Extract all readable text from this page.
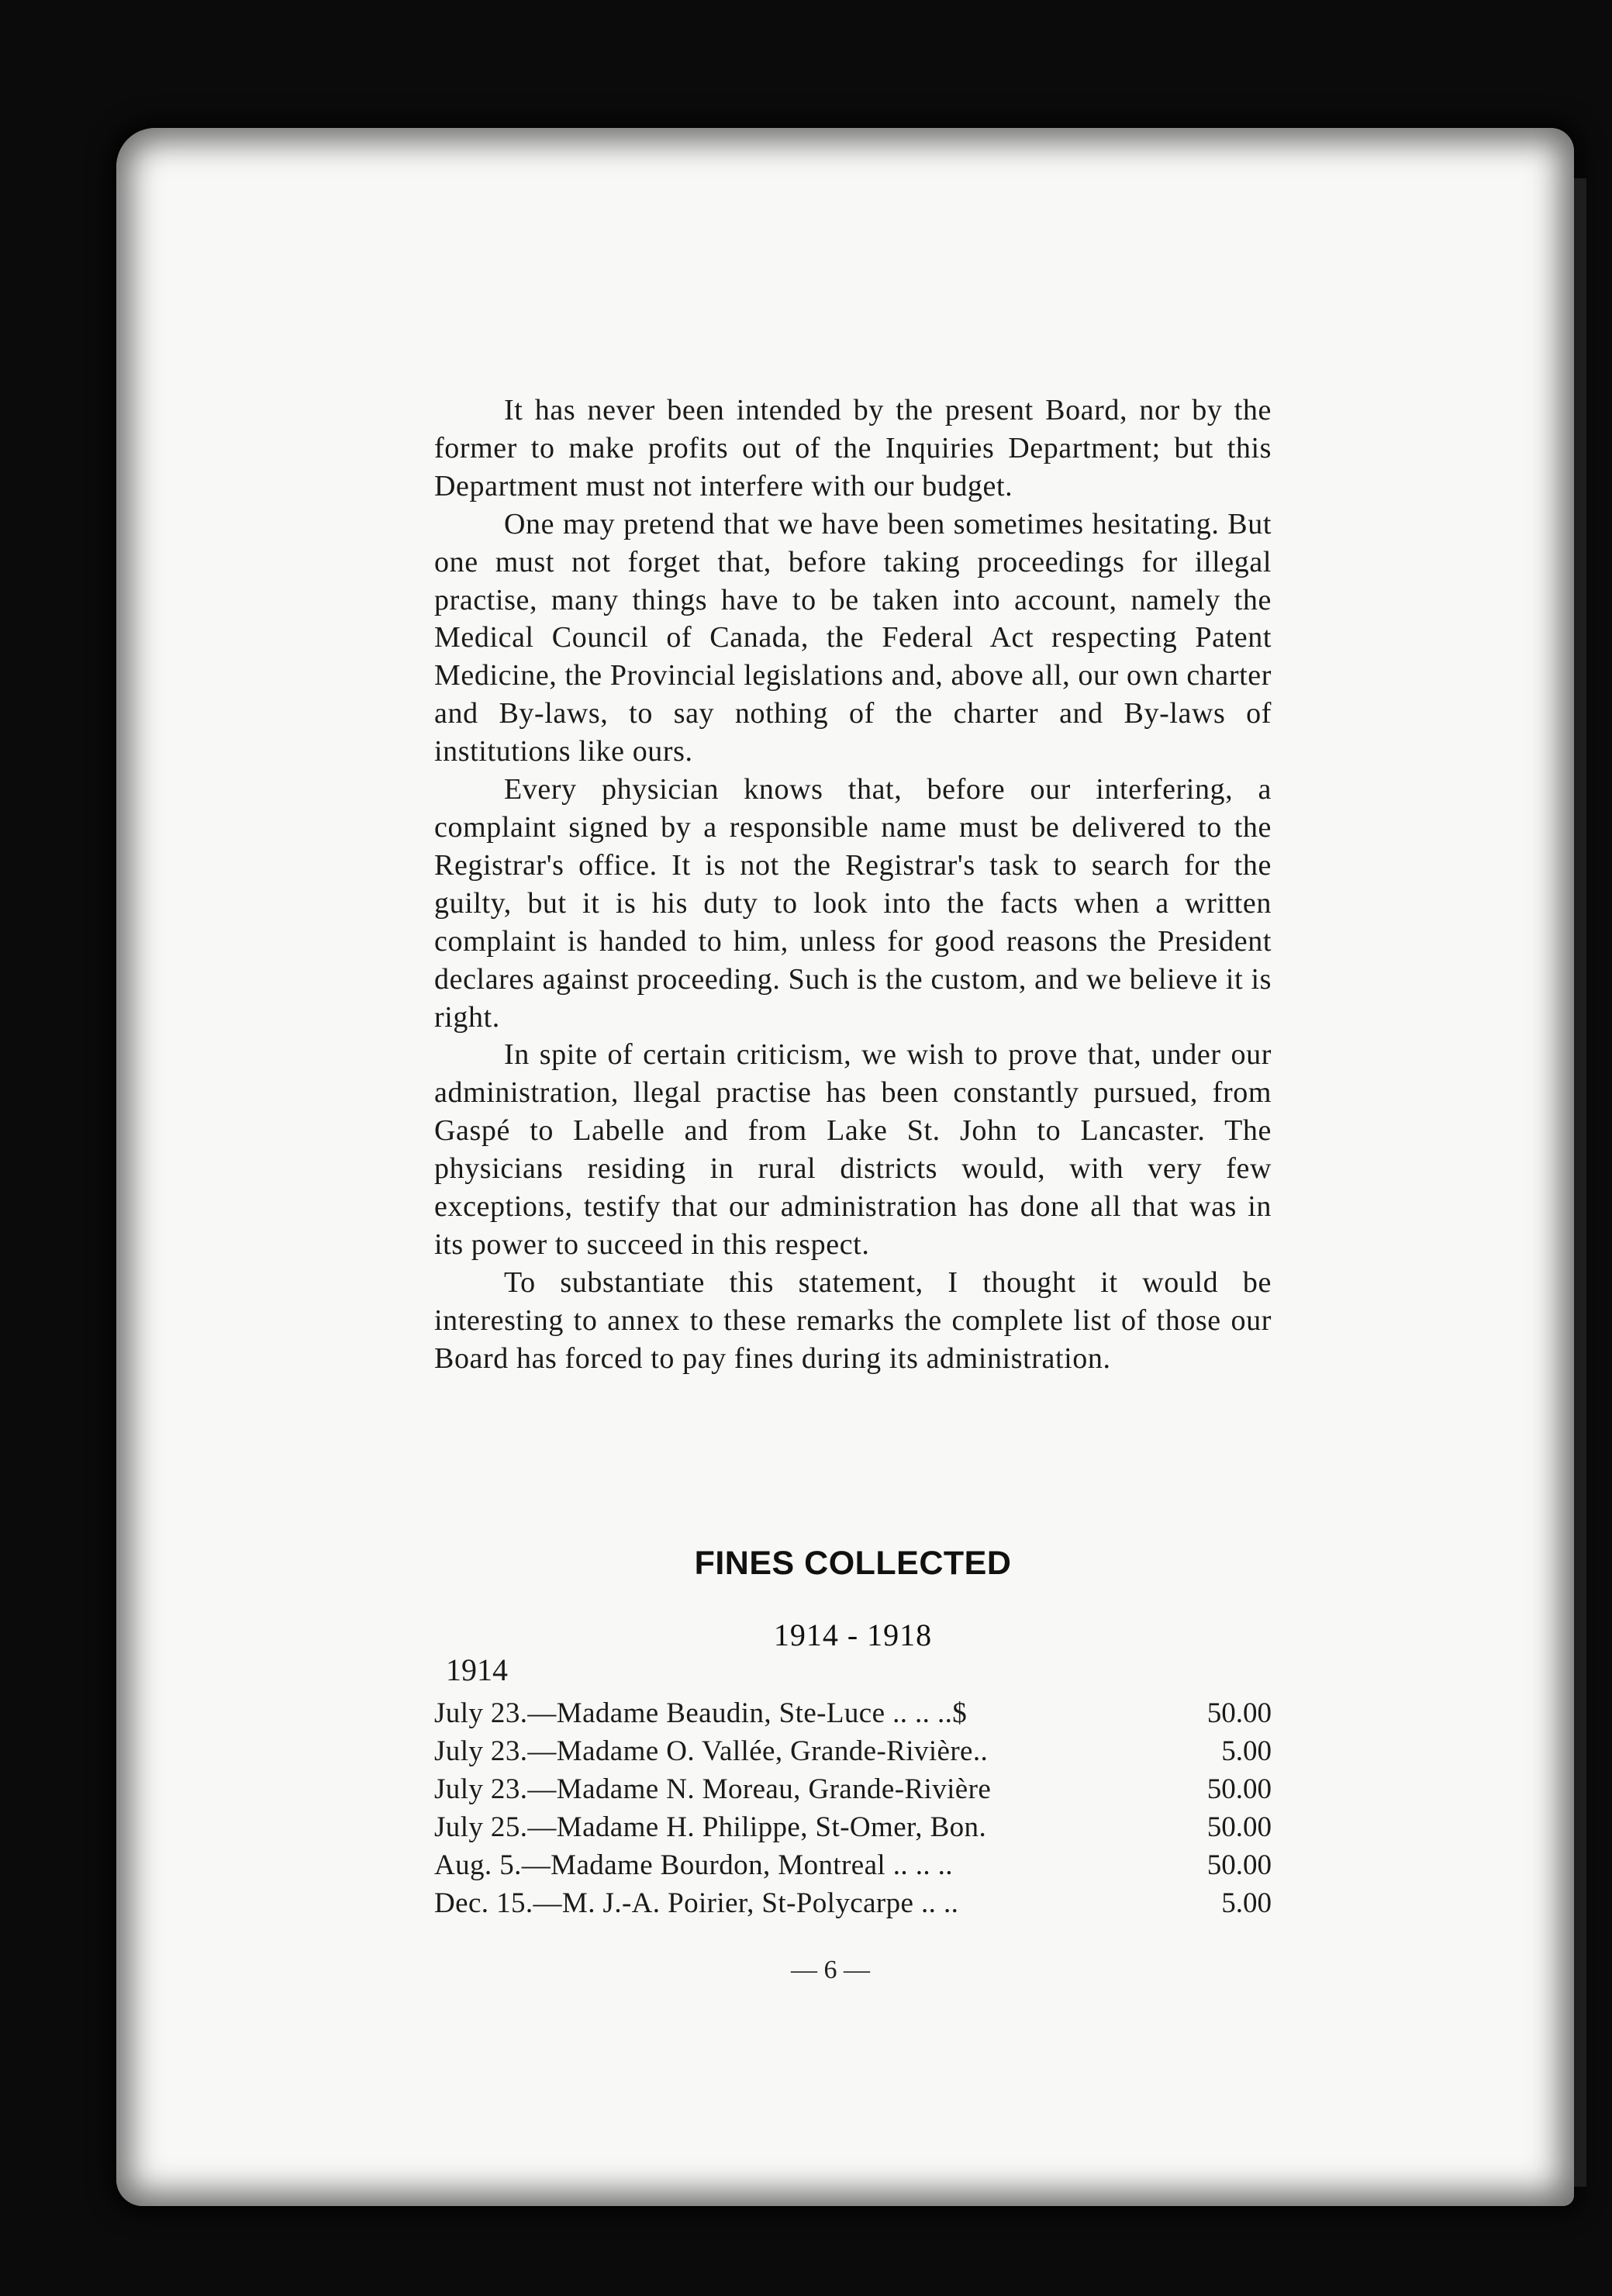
It has never been intended by the present Board, nor by the former to make profits out of the Inquiries Department; but this Department must not interfere with our budget.

One may pretend that we have been sometimes hesitating. But one must not forget that, before taking proceedings for illegal practise, many things have to be taken into account, namely the Medical Council of Canada, the Federal Act respecting Patent Medicine, the Provincial legislations and, above all, our own charter and By-laws, to say nothing of the charter and By-laws of institutions like ours.

Every physician knows that, before our interfering, a complaint signed by a responsible name must be delivered to the Registrar's office. It is not the Registrar's task to search for the guilty, but it is his duty to look into the facts when a written complaint is handed to him, unless for good reasons the President declares against proceeding. Such is the custom, and we believe it is right.

In spite of certain criticism, we wish to prove that, under our administration, llegal practise has been constantly pursued, from Gaspé to Labelle and from Lake St. John to Lancaster. The physicians residing in rural districts would, with very few exceptions, testify that our administration has done all that was in its power to succeed in this respect.

To substantiate this statement, I thought it would be interesting to annex to these remarks the complete list of those our Board has forced to pay fines during its administration.

FINES COLLECTED
1914 - 1918
1914
July 23.—Madame Beaudin, Ste-Luce .. .. ..$	50.00
July 23.—Madame O. Vallée, Grande-Rivière..	5.00
July 23.—Madame N. Moreau, Grande-Rivière	50.00
July 25.—Madame H. Philippe, St-Omer, Bon.	50.00
Aug. 5.—Madame Bourdon, Montreal .. .. ..	50.00
Dec. 15.—M. J.-A. Poirier, St-Polycarpe .. ..	5.00
— 6 —
